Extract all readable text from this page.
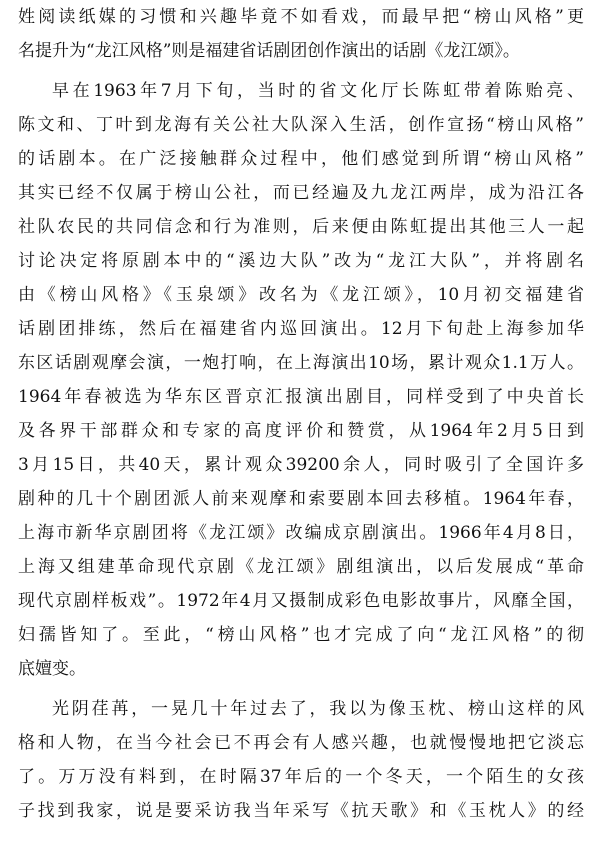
姓阅读纸媒的习惯和兴趣毕竟不如看戏，而最早把“榜山风格”更
名提升为“龙江风格”则是福建省话剧团创作演出的话剧《龙江颂》。
早在1963年7月下旬，当时的省文化厅长陈虹带着陈贻亮、
陈文和、丁叶到龙海有关公社大队深入生活，创作宣扬“榜山风格”
的话剧本。在广泛接触群众过程中，他们感觉到所谓“榜山风格”
其实已经不仅属于榜山公社，而已经遍及九龙江两岸，成为沿江各
社队农民的共同信念和行为准则，后来便由陈虹提出其他三人一起
讨论决定将原剧本中的“溪边大队”改为“龙江大队”，并将剧名
由《榜山风格》《玉泉颂》改名为《龙江颂》，10月初交福建省
话剧团排练，然后在福建省内巡回演出。12月下旬赴上海参加华
东区话剧观摩会演，一炮打响，在上海演出10场，累计观众1.1万人。
1964年春被选为华东区晋京汇报演出剧目，同样受到了中央首长
及各界干部群众和专家的高度评价和赞赏，从1964年2月5日到
3月15日，共40天，累计观众39200余人，同时吸引了全国许多
剧种的几十个剧团派人前来观摩和索要剧本回去移植。1964年春，
上海市新华京剧团将《龙江颂》改编成京剧演出。1966年4月8日，
上海又组建革命现代京剧《龙江颂》剧组演出，以后发展成“革命
现代京剧样板戏”。1972年4月又摄制成彩色电影故事片，风靡全国，
妇孺皆知了。至此，“榜山风格”也才完成了向“龙江风格”的彻
底嬗变。
光阴荏苒，一晃几十年过去了，我以为像玉枕、榜山这样的风
格和人物，在当今社会已不再会有人感兴趣，也就慢慢地把它淡忘
了。万万没有料到，在时隔37年后的一个冬天，一个陌生的女孩
子找到我家，说是要采访我当年采写《抗天歌》和《玉枕人》的经
